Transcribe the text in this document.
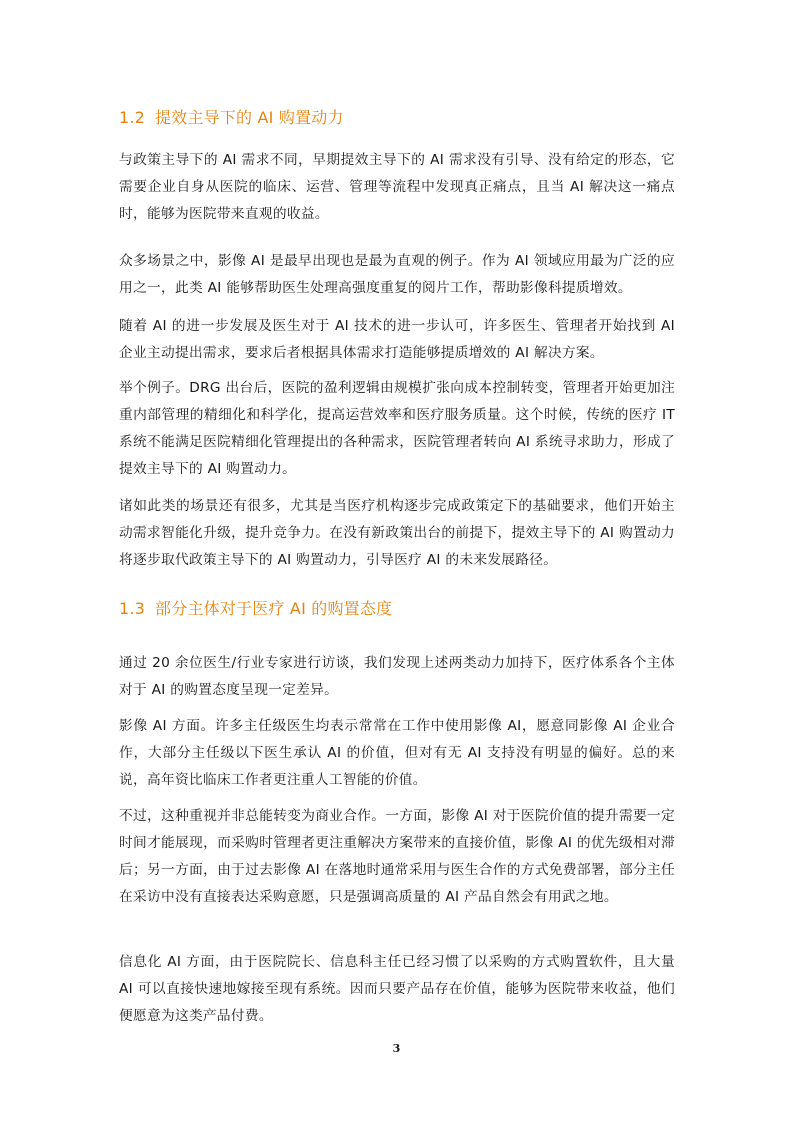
1.2 提效主导下的 AI 购置动力

与政策主导下的 AI 需求不同，早期提效主导下的 AI 需求没有引导、没有给定的形态，它需要企业自身从医院的临床、运营、管理等流程中发现真正痛点，且当 AI 解决这一痛点时，能够为医院带来直观的收益。

众多场景之中，影像 AI 是最早出现也是最为直观的例子。作为 AI 领域应用最为广泛的应用之一，此类 AI 能够帮助医生处理高强度重复的阅片工作，帮助影像科提质增效。

随着 AI 的进一步发展及医生对于 AI 技术的进一步认可，许多医生、管理者开始找到 AI 企业主动提出需求，要求后者根据具体需求打造能够提质增效的 AI 解决方案。

举个例子。DRG 出台后，医院的盈利逻辑由规模扩张向成本控制转变，管理者开始更加注重内部管理的精细化和科学化，提高运营效率和医疗服务质量。这个时候，传统的医疗 IT 系统不能满足医院精细化管理提出的各种需求，医院管理者转向 AI 系统寻求助力，形成了提效主导下的 AI 购置动力。

诸如此类的场景还有很多，尤其是当医疗机构逐步完成政策定下的基础要求，他们开始主动需求智能化升级，提升竞争力。在没有新政策出台的前提下，提效主导下的 AI 购置动力将逐步取代政策主导下的 AI 购置动力，引导医疗 AI 的未来发展路径。

1.3 部分主体对于医疗 AI 的购置态度

通过 20 余位医生/行业专家进行访谈，我们发现上述两类动力加持下，医疗体系各个主体对于 AI 的购置态度呈现一定差异。

影像 AI 方面。许多主任级医生均表示常常在工作中使用影像 AI，愿意同影像 AI 企业合作，大部分主任级以下医生承认 AI 的价值，但对有无 AI 支持没有明显的偏好。总的来说，高年资比临床工作者更注重人工智能的价值。

不过，这种重视并非总能转变为商业合作。一方面，影像 AI 对于医院价值的提升需要一定时间才能展现，而采购时管理者更注重解决方案带来的直接价值，影像 AI 的优先级相对滞后；另一方面，由于过去影像 AI 在落地时通常采用与医生合作的方式免费部署，部分主任在采访中没有直接表达采购意愿，只是强调高质量的 AI 产品自然会有用武之地。

信息化 AI 方面，由于医院院长、信息科主任已经习惯了以采购的方式购置软件，且大量 AI 可以直接快速地嫁接至现有系统。因而只要产品存在价值，能够为医院带来收益，他们便愿意为这类产品付费。

3
